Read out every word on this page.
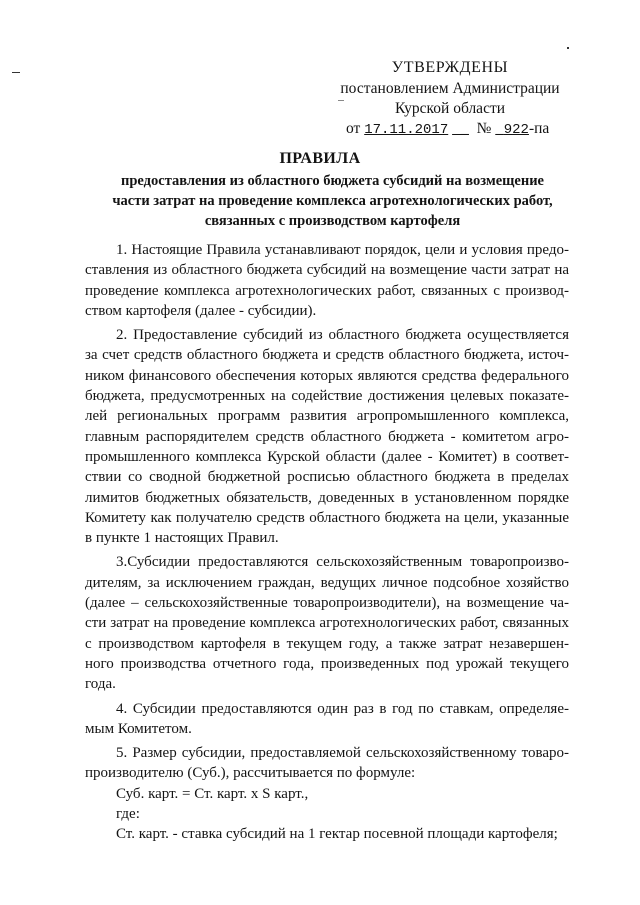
УТВЕРЖДЕНЫ
постановлением Администрации
Курской области
от 17.11.2017  _ № _922-па
ПРАВИЛА
предоставления из областного бюджета субсидий на возмещение
части затрат на проведение комплекса агротехнологических работ,
связанных с производством картофеля
1. Настоящие Правила устанавливают порядок, цели и условия предо-
ставления из областного бюджета субсидий на возмещение части затрат на
проведение комплекса агротехнологических работ, связанных с производ-
ством картофеля (далее - субсидии).
2. Предоставление субсидий из областного бюджета осуществляется
за счет средств областного бюджета и средств областного бюджета, источ-
ником финансового обеспечения которых являются средства федерального
бюджета, предусмотренных на содействие достижения целевых показате-
лей региональных программ развития агропромышленного комплекса,
главным распорядителем средств областного бюджета - комитетом агро-
промышленного комплекса Курской области (далее - Комитет) в соответ-
ствии со сводной бюджетной росписью областного бюджета в пределах
лимитов бюджетных обязательств, доведенных в установленном порядке
Комитету как получателю средств областного бюджета на цели, указанные
в пункте 1 настоящих Правил.
3.Субсидии предоставляются сельскохозяйственным товаропроизво-
дителям, за исключением граждан, ведущих личное подсобное хозяйство
(далее – сельскохозяйственные товаропроизводители), на возмещение ча-
сти затрат на проведение комплекса агротехнологических работ, связанных
с производством картофеля в текущем году, а также затрат незавершен-
ного производства отчетного года, произведенных под урожай текущего
года.
4. Субсидии предоставляются один раз в год по ставкам, определяе-
мым Комитетом.
5. Размер субсидии, предоставляемой сельскохозяйственному товаро-
производителю (Суб.), рассчитывается по формуле:
Суб. карт. = Ст. карт. х S карт.,
где:
Ст. карт. - ставка субсидий на 1 гектар посевной площади картофеля;
